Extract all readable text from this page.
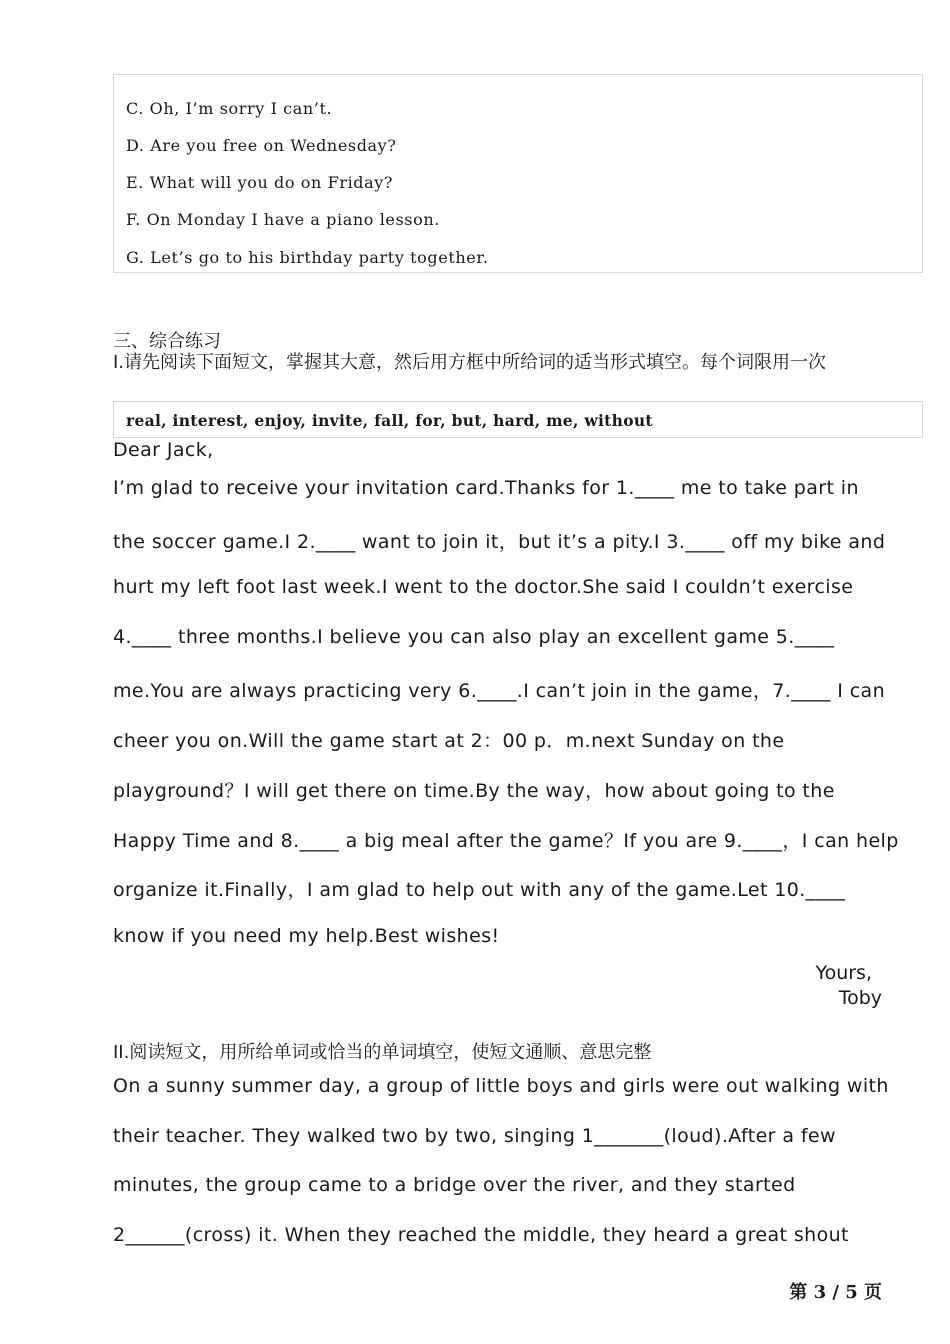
C. Oh, I’m sorry I can’t.
D. Are you free on Wednesday?
E. What will you do on Friday?
F. On Monday I have a piano lesson.
G. Let’s go to his birthday party together.
三、综合练习
I.请先阅读下面短文，掌握其大意，然后用方框中所给词的适当形式填空。每个词限用一次
real, interest, enjoy, invite, fall, for, but, hard, me, without
Dear Jack,
I’m glad to receive your invitation card.Thanks for 1.____ me to take part in
the soccer game.I 2.____ want to join it，but it’s a pity.I 3.____ off my bike and
hurt my left foot last week.I went to the doctor.She said I couldn’t exercise
4.____ three months.I believe you can also play an excellent game 5.____
me.You are always practicing very 6.____.I can’t join in the game，7.____ I can
cheer you on.Will the game start at 2：00 p．m.next Sunday on the
playground？I will get there on time.By the way，how about going to the
Happy Time and 8.____ a big meal after the game？If you are 9.____，I can help
organize it.Finally，I am glad to help out with any of the game.Let 10.____
know if you need my help.Best wishes!
Yours,
Toby
II.阅读短文，用所给单词或恰当的单词填空，使短文通顺、意思完整
On a sunny summer day, a group of little boys and girls were out walking with
their teacher. They walked two by two, singing 1_______(loud).After a few
minutes, the group came to a bridge over the river, and they started
2______(cross) it. When they reached the middle, they heard a great shout
第 3 / 5 页
